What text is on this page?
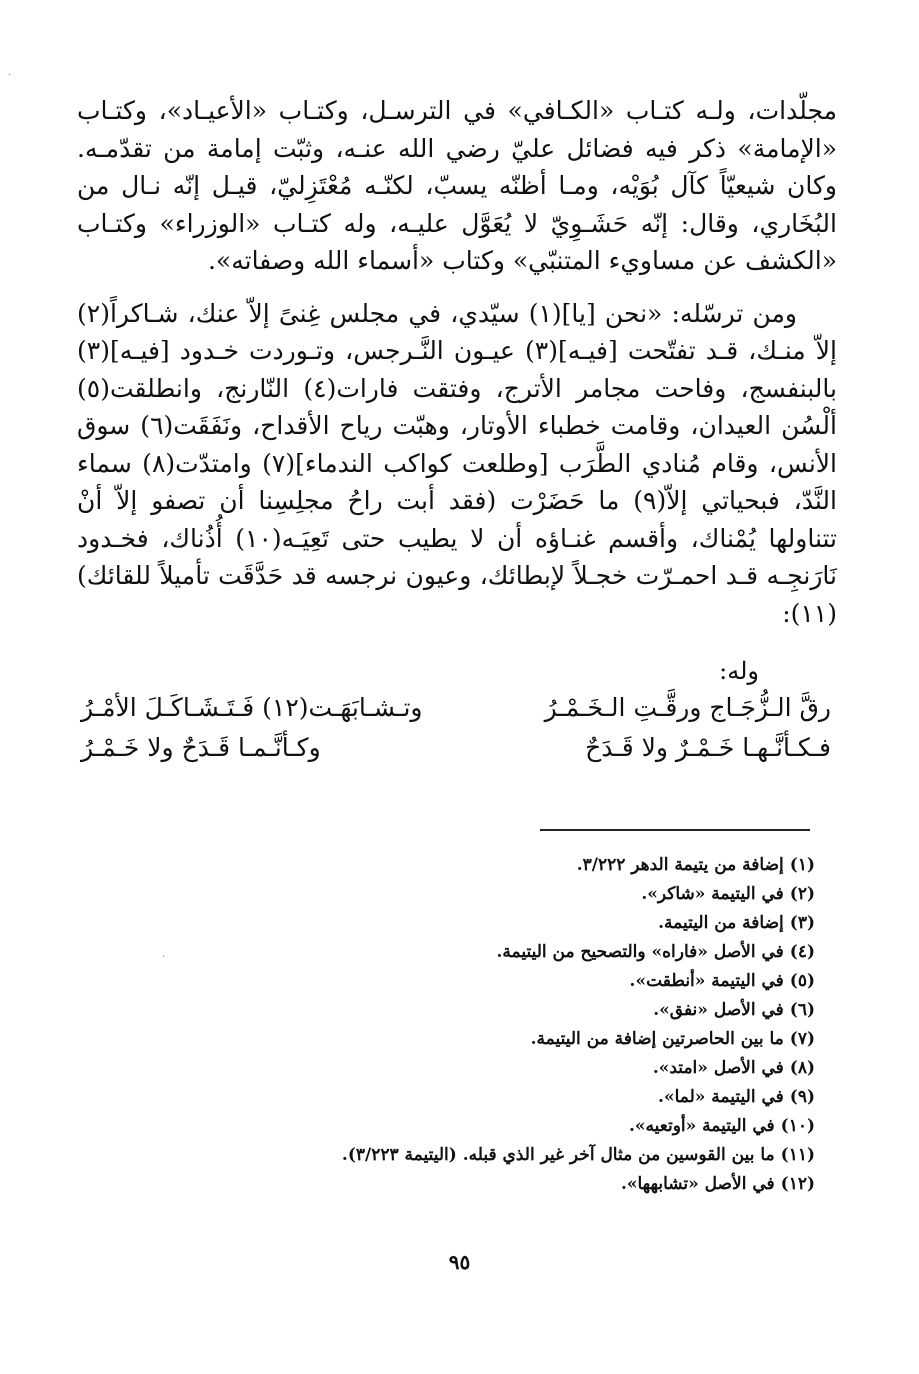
مجلّدات، ولـه كتـاب «الكـافي» في الترسـل، وكتـاب «الأعيـاد»، وكتـاب «الإمامة» ذكر فيه فضائل عليّ رضي الله عنـه، وثبّت إمامة من تقدّمـه. وكان شيعيّاً كآل بُوَيْه، ومـا أظنّه يسبّ، لكنّـه مُعْتَزِليّ، قيـل إنّه نـال من البُخَاري، وقال: إنّه حَشَـوِيّ لا يُعَوَّل عليـه، وله كتـاب «الوزراء» وكتـاب «الكشف عن مساويء المتنبّي» وكتاب «أسماء الله وصفاته».

ومن ترسّله: «نحن [يا](١) سيّدي، في مجلس غِنىً إلاّ عنك، شـاكراً(٢) إلاّ منـك، قـد تفتّحت [فيـه](٣) عيـون النَّـرجس، وتـوردت خـدود [فيـه](٣) بالبنفسج، وفاحت مجامر الأترج، وفتقت فارات(٤) النّارنج، وانطلقت(٥) ألْسُن العيدان، وقامت خطباء الأوتار، وهبّت رياح الأقداح، ونَفَقَت(٦) سوق الأنس، وقام مُنادي الطَّرَب [وطلعت كواكب الندماء](٧) وامتدّت(٨) سماء النَّدّ، فبحياتي إلاّ(٩) ما حَضَرْت (فقد أبت راحُ مجلِسِنا أن تصفو إلاّ أنْ تتناولها يُمْناك، وأقسم غنـاؤه أن لا يطيب حتى تَعِيَـه(١٠) أُذُناك، فخـدود نَارَنجِـه قـد احمـرّت خجـلاً لإبطائك، وعيون نرجسه قد حَدَّقَت تأميلاً للقائك)(١١):

وله:
رقَّ الـزُّجَـاج ورقَّـتِ الـخَـمْـرُ
وتـشـابَهَـت(١٢) فَـتَـشَـاكَـلَ الأمْـرُ
فـكـأنَّـهـا خَـمْـرٌ ولا قَـدَحٌ
وكـأنَّـمـا قَـدَحٌ ولا خَـمْـرُ
(١)إضافة من يتيمة الدهر ٣/٢٢٢.
(٢)في اليتيمة «شاكر».
(٣)إضافة من اليتيمة.
(٤)في الأصل «فاراه» والتصحيح من اليتيمة.
(٥)في اليتيمة «أنطقت».
(٦)في الأصل «نفق».
(٧)ما بين الحاصرتين إضافة من اليتيمة.
(٨)في الأصل «امتد».
(٩)في اليتيمة «لما».
(١٠)في اليتيمة «أوتعيه».
(١١)ما بين القوسين من مثال آخر غير الذي قبله. (اليتيمة ٣/٢٢٣).
(١٢)في الأصل «تشابهها».
٩٥
·
·
